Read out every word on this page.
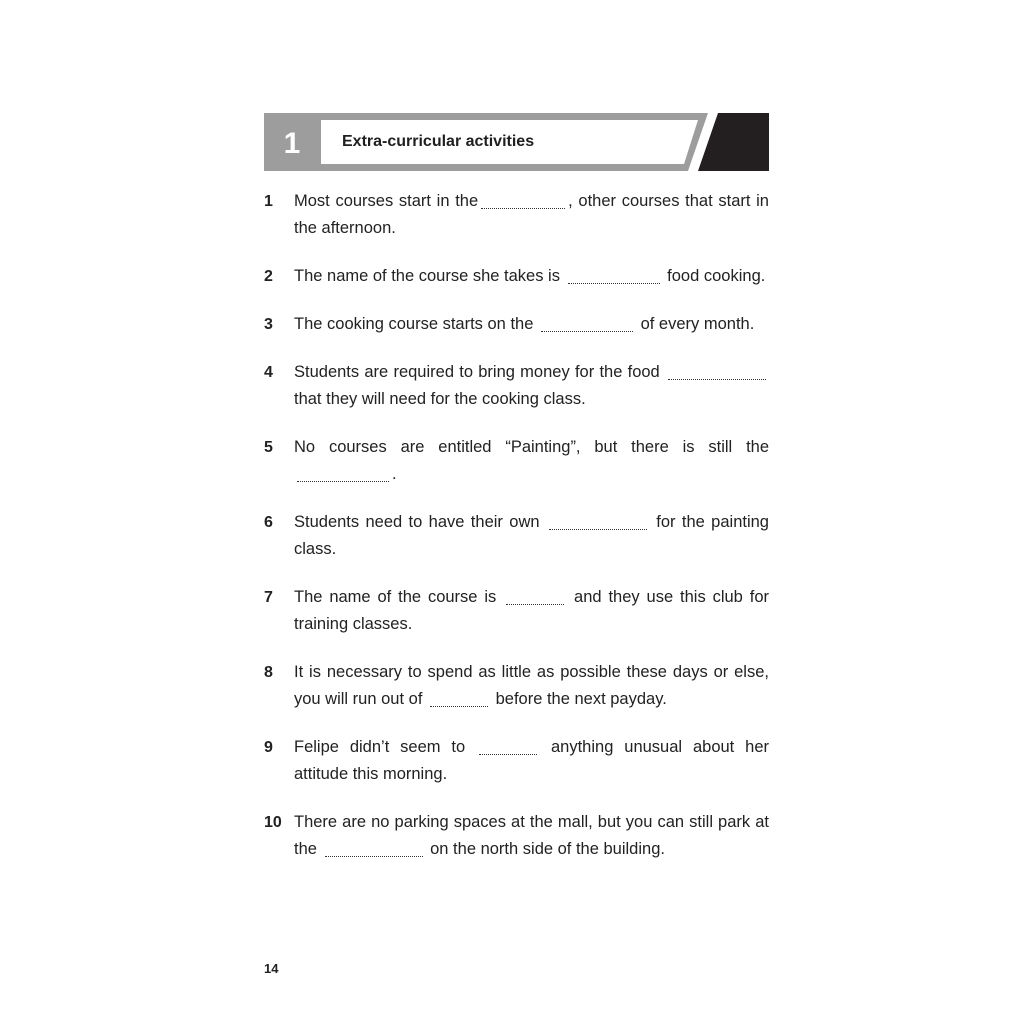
1	Extra-curricular activities
1 Most courses start in the	, other courses that start in the afternoon.
2 The name of the course she takes is	food cooking.
3 The cooking course starts on the	of every month.
4 Students are required to bring money for the food  that they will need for the cooking class.
5 No courses are entitled “Painting”, but there is still the .
6 Students need to have their own	for the painting class.
7 The name of the course is	and they use this club for training classes.
8 It is necessary to spend as little as possible these days or else, you will run out of	before the next payday.
9 Felipe didn’t seem to	anything unusual about her attitude this morning.
10 There are no parking spaces at the mall, but you can still park at the	on the north side of the building.
14
